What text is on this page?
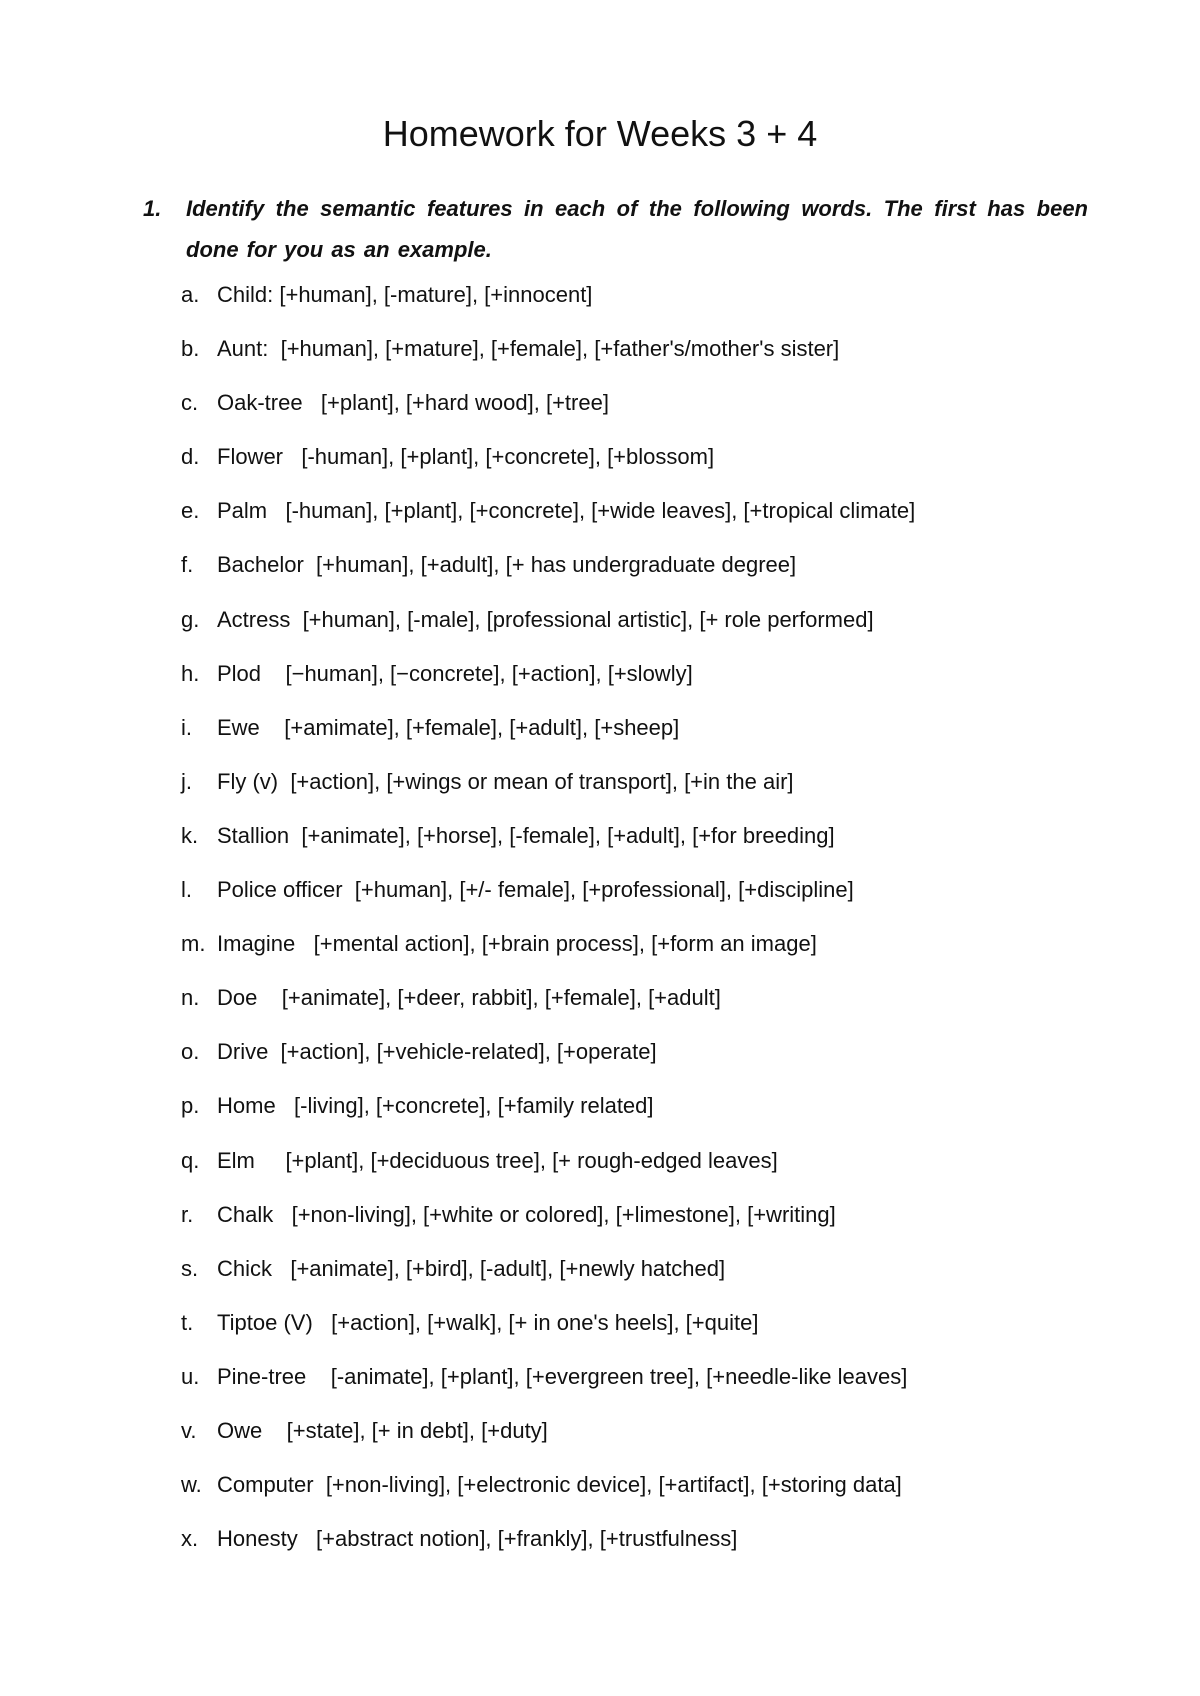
Homework for Weeks 3 + 4
1.	Identify the semantic features in each of the following words. The first has been done for you as an example.
a. Child: [+human], [-mature], [+innocent]
b. Aunt:  [+human], [+mature], [+female], [+father's/mother's sister]
c. Oak-tree   [+plant], [+hard wood], [+tree]
d. Flower   [-human], [+plant], [+concrete], [+blossom]
e. Palm   [-human], [+plant], [+concrete], [+wide leaves], [+tropical climate]
f. Bachelor  [+human], [+adult], [+ has undergraduate degree]
g. Actress  [+human], [-male], [professional artistic], [+ role performed]
h. Plod    [−human], [−concrete], [+action], [+slowly]
i. Ewe    [+amimate], [+female], [+adult], [+sheep]
j. Fly (v)  [+action], [+wings or mean of transport], [+in the air]
k. Stallion  [+animate], [+horse], [-female], [+adult], [+for breeding]
l. Police officer  [+human], [+/- female], [+professional], [+discipline]
m. Imagine   [+mental action], [+brain process], [+form an image]
n. Doe    [+animate], [+deer, rabbit], [+female], [+adult]
o. Drive  [+action], [+vehicle-related], [+operate]
p. Home   [-living], [+concrete], [+family related]
q. Elm     [+plant], [+deciduous tree], [+ rough-edged leaves]
r. Chalk   [+non-living], [+white or colored], [+limestone], [+writing]
s. Chick   [+animate], [+bird], [-adult], [+newly hatched]
t. Tiptoe (V)   [+action], [+walk], [+ in one's heels], [+quite]
u. Pine-tree    [-animate], [+plant], [+evergreen tree], [+needle-like leaves]
v. Owe    [+state], [+ in debt], [+duty]
w. Computer  [+non-living], [+electronic device], [+artifact], [+storing data]
x. Honesty   [+abstract notion], [+frankly], [+trustfulness]
